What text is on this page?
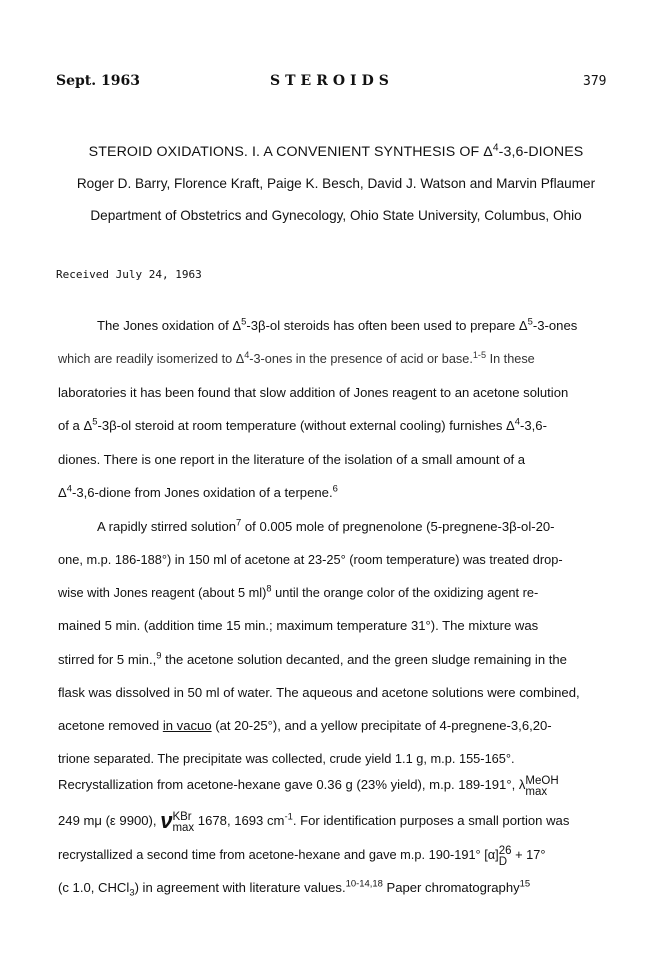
Sept. 1963	STEROIDS	379
STEROID OXIDATIONS. I. A CONVENIENT SYNTHESIS OF $\Delta^4-3,6$-DIONES
Roger D. Barry, Florence Kraft, Paige K. Besch, David J. Watson and Marvin Pflaumer
Department of Obstetrics and Gynecology, Ohio State University, Columbus, Ohio
Received July 24, 1963
The Jones oxidation of $\Delta^5-3\beta-ol$ steroids has often been used to prepare $\Delta^5-3$-ones
which are readily isomerized to $\Delta^4-3$-ones in the presence of acid or base.$^{1-5}$ In these
laboratories it has been found that slow addition of Jones reagent to an acetone solution
of a $\Delta^5-3\beta-ol$ steroid at room temperature (without external cooling) furnishes $\Delta^4-3,6-$
diones. There is one report in the literature of the isolation of a small amount of a
$\Delta^4-3,6$-dione from Jones oxidation of a terpene.$^6$
A rapidly stirred solution$^7$ of 0.005 mole of pregnenolone (5-pregnene-3β-ol-20-
one, m.p. 186-188°) in 150 ml of acetone at 23-25° (room temperature) was treated drop-
wise with Jones reagent (about 5 ml)$^8$ until the orange color of the oxidizing agent re-
mained 5 min. (addition time 15 min.; maximum temperature 31°). The mixture was
stirred for 5 min.,$^9$ the acetone solution decanted, and the green sludge remaining in the
flask was dissolved in 50 ml of water. The aqueous and acetone solutions were combined,
acetone removed in vacuo (at 20-25°), and a yellow precipitate of 4-pregnene-3,6,20-
trione separated. The precipitate was collected, crude yield 1.1 g, m.p. 155-165°.
Recrystallization from acetone-hexane gave 0.36 g (23% yield), m.p. 189-191°, λ MeOH
max
249 mμ (ε 9900), ν KBr
max 1678, 1693 $cm^{-1}$. For identification purposes a small portion was
recrystallized a second time from acetone-hexane and gave m.p. 190-191° [α] 26
D + 17°
(c 1.0, CHCl$_3$) in agreement with literature values.$^{10-14,18}$ Paper chromatography$^{15}$
